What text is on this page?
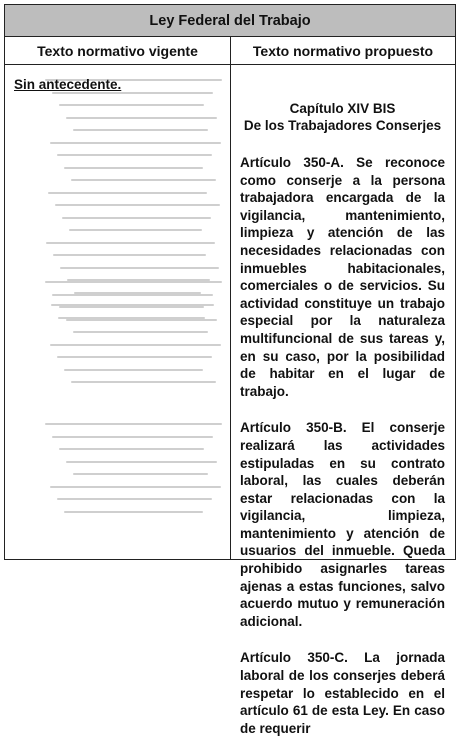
Ley Federal del Trabajo
Texto normativo vigente	Texto normativo propuesto
Sin antecedente.
Capítulo XIV BIS
De los Trabajadores Conserjes
Artículo 350-A. Se reconoce como conserje a la persona trabajadora encargada de la vigilancia, mantenimiento, limpieza y atención de las necesidades relacionadas con inmuebles habitacionales, comerciales o de servicios. Su actividad constituye un trabajo especial por la naturaleza multifuncional de sus tareas y, en su caso, por la posibilidad de habitar en el lugar de trabajo.
Artículo 350-B. El conserje realizará las actividades estipuladas en su contrato laboral, las cuales deberán estar relacionadas con la vigilancia, limpieza, mantenimiento y atención de usuarios del inmueble. Queda prohibido asignarles tareas ajenas a estas funciones, salvo acuerdo mutuo y remuneración adicional.
Artículo 350-C. La jornada laboral de los conserjes deberá respetar lo establecido en el artículo 61 de esta Ley. En caso de requerir
